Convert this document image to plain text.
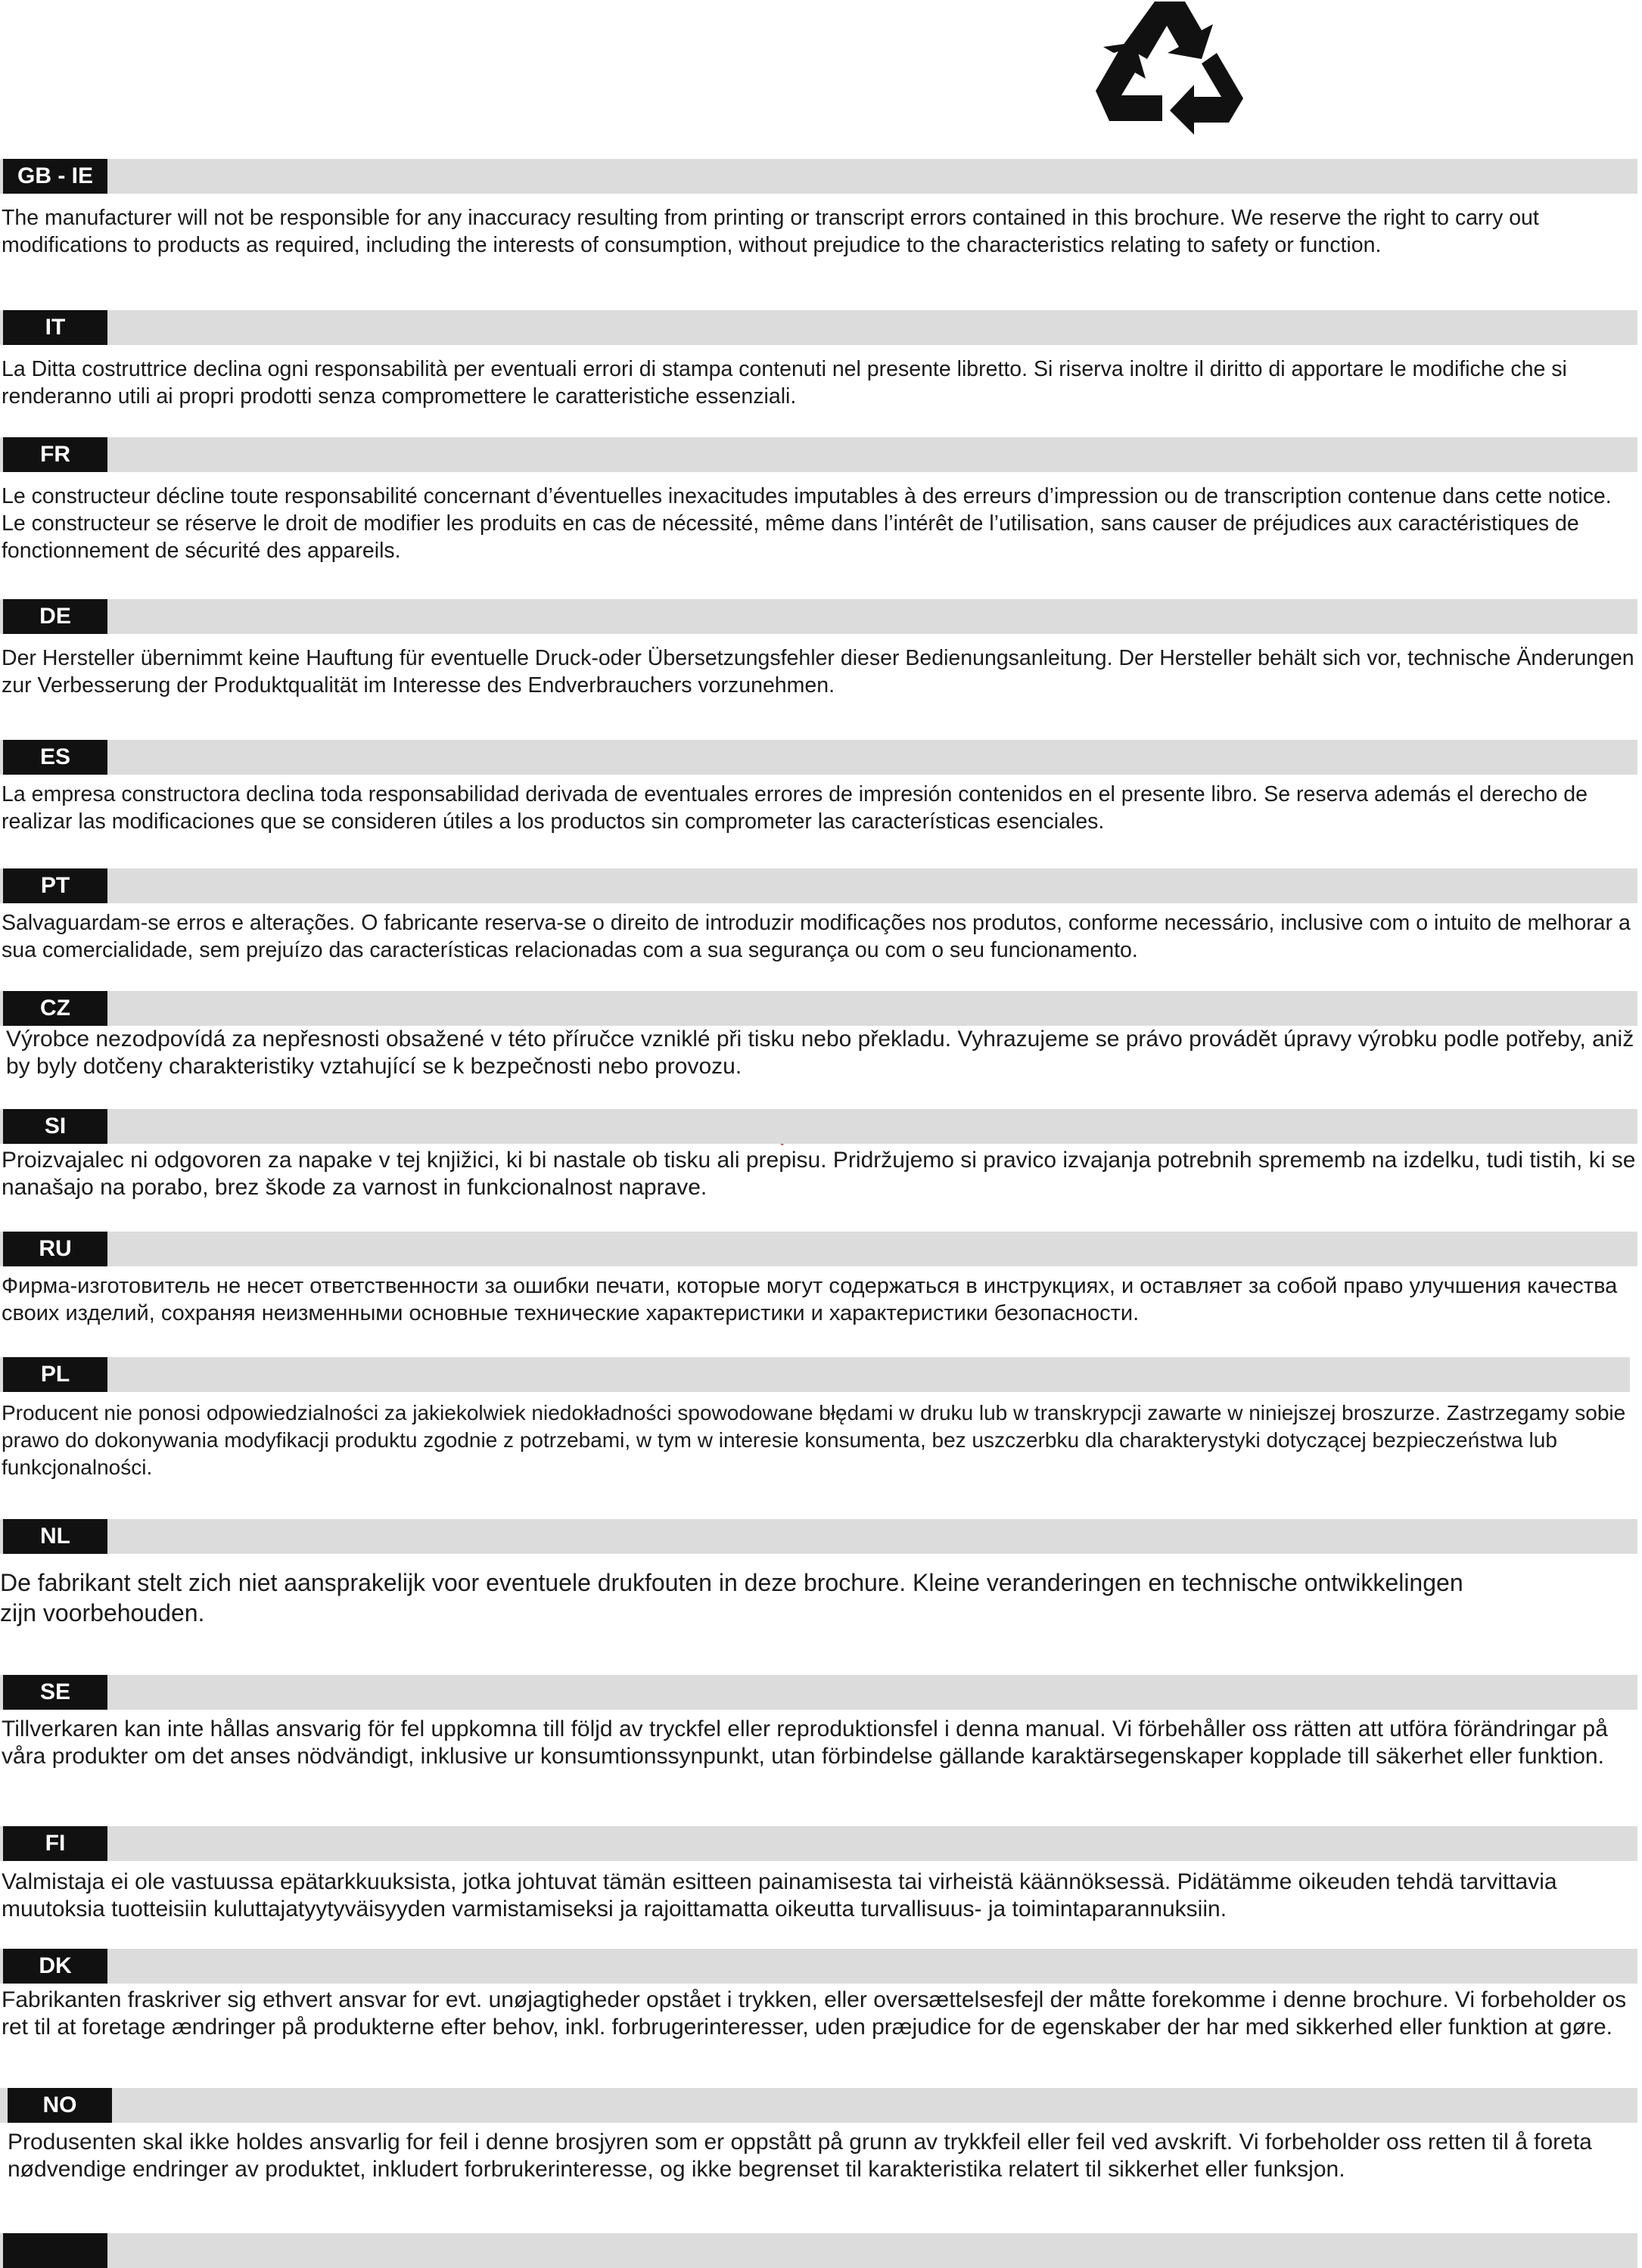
GB - IE

The manufacturer will not be responsible for any inaccuracy resulting from printing or transcript errors contained in this brochure. We reserve the right to carry out modifications to products as required, including the interests of consumption, without prejudice to the characteristics relating to safety or function.

IT

La Ditta costruttrice declina ogni responsabilità per eventuali errori di stampa contenuti nel presente libretto. Si riserva inoltre il diritto di apportare le modifiche che si renderanno utili ai propri prodotti senza compromettere le caratteristiche essenziali.

FR

Le constructeur décline toute responsabilité concernant d’éventuelles inexacitudes imputables à des erreurs d’impression ou de transcription contenue dans cette notice. Le constructeur se réserve le droit de modifier les produits en cas de nécessité, même dans l’intérêt de l’utilisation, sans causer de préjudices aux caractéristiques de fonctionnement de sécurité des appareils.

DE

Der Hersteller übernimmt keine Hauftung für eventuelle Druck-oder Übersetzungsfehler dieser Bedienungsanleitung. Der Hersteller behält sich vor, technische Änderungen zur Verbesserung der Produktqualität im Interesse des Endverbrauchers vorzunehmen.

ES

La empresa constructora declina toda responsabilidad derivada de eventuales errores de impresión contenidos en el presente libro. Se reserva además el derecho de realizar las modificaciones que se consideren útiles a los productos sin comprometer las características esenciales.

PT

Salvaguardam-se erros e alterações. O fabricante reserva-se o direito de introduzir modificações nos produtos, conforme necessário, inclusive com o intuito de melhorar a sua comercialidade, sem prejuízo das características relacionadas com a sua segurança ou com o seu funcionamento.

CZ

Výrobce nezodpovídá za nepřesnosti obsažené v této příručce vzniklé při tisku nebo překladu. Vyhrazujeme se právo provádět úpravy výrobku podle potřeby, aniž by byly dotčeny charakteristiky vztahující se k bezpečnosti nebo provozu.

SI

Proizvajalec ni odgovoren za napake v tej knjižici, ki bi nastale ob tisku ali prepisu. Pridržujemo si pravico izvajanja potrebnih sprememb na izdelku, tudi tistih, ki se nanašajo na porabo, brez škode za varnost in funkcionalnost naprave.

RU

Фирма-изготовитель не несет ответственности за ошибки печати, которые могут содержаться в инструкциях, и оставляет за собой право улучшения качества своих изделий, сохраняя неизменными основные технические характеристики и характеристики безопасности.

PL

Producent nie ponosi odpowiedzialności za jakiekolwiek niedokładności spowodowane błędami w druku lub w transkrypcji zawarte w niniejszej broszurze. Zastrzegamy sobie prawo do dokonywania modyfikacji produktu zgodnie z potrzebami, w tym w interesie konsumenta, bez uszczerbku dla charakterystyki dotyczącej bezpieczeństwa lub funkcjonalności.

NL

De fabrikant stelt zich niet aansprakelijk voor eventuele drukfouten in deze brochure. Kleine veranderingen en technische ontwikkelingen zijn voorbehouden.

SE

Tillverkaren kan inte hållas ansvarig för fel uppkomna till följd av tryckfel eller reproduktionsfel i denna manual. Vi förbehåller oss rätten att utföra förändringar på våra produkter om det anses nödvändigt, inklusive ur konsumtionssynpunkt, utan förbindelse gällande karaktärsegenskaper kopplade till säkerhet eller funktion.

FI

Valmistaja ei ole vastuussa epätarkkuuksista, jotka johtuvat tämän esitteen painamisesta tai virheistä käännöksessä. Pidätämme oikeuden tehdä tarvittavia muutoksia tuotteisiin kuluttajatyytyväisyyden varmistamiseksi ja rajoittamatta oikeutta turvallisuus- ja toimintaparannuksiin.

DK

Fabrikanten fraskriver sig ethvert ansvar for evt. unøjagtigheder opstået i trykken, eller oversættelsesfejl der måtte forekomme i denne brochure. Vi forbeholder os ret til at foretage ændringer på produkterne efter behov, inkl. forbrugerinteresser, uden præjudice for de egenskaber der har med sikkerhed eller funktion at gøre.

NO

Produsenten skal ikke holdes ansvarlig for feil i denne brosjyren som er oppstått på grunn av trykkfeil eller feil ved avskrift. Vi forbeholder oss retten til å foreta nødvendige endringer av produktet, inkludert forbrukerinteresse, og ikke begrenset til karakteristika relatert til sikkerhet eller funksjon.
